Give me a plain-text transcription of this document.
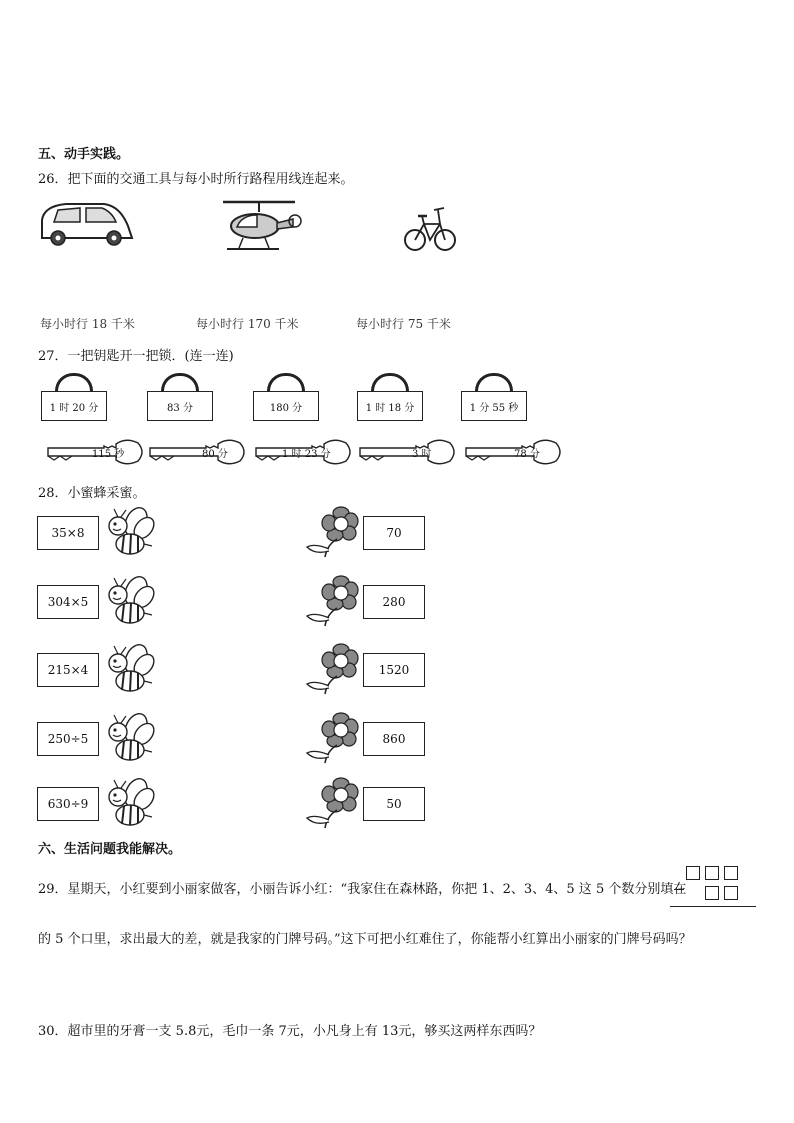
五、动手实践。
26．把下面的交通工具与每小时所行路程用线连起来。
每小时行 18 千米	每小时行 170 千米	每小时行 75 千米
27．一把钥匙开一把锁．(连一连)
1 时 20 分	83 分	180 分	1 时 18 分	1 分 55 秒
115 秒	80 分	1 时 23 分	3 时	78 分
28．小蜜蜂采蜜。
35×8	70
304×5	280
215×4	1520
250÷5	860
630÷9	50
六、生活问题我能解决。
29．星期天，小红要到小丽家做客，小丽告诉小红：“我家住在森林路，你把 1、2、3、4、5 这 5 个数分别填在
的 5 个口里，求出最大的差，就是我家的门牌号码。”这下可把小红难住了，你能帮小红算出小丽家的门牌号码吗？
30．超市里的牙膏一支 5.8元，毛巾一条 7元，小凡身上有 13元，够买这两样东西吗？
